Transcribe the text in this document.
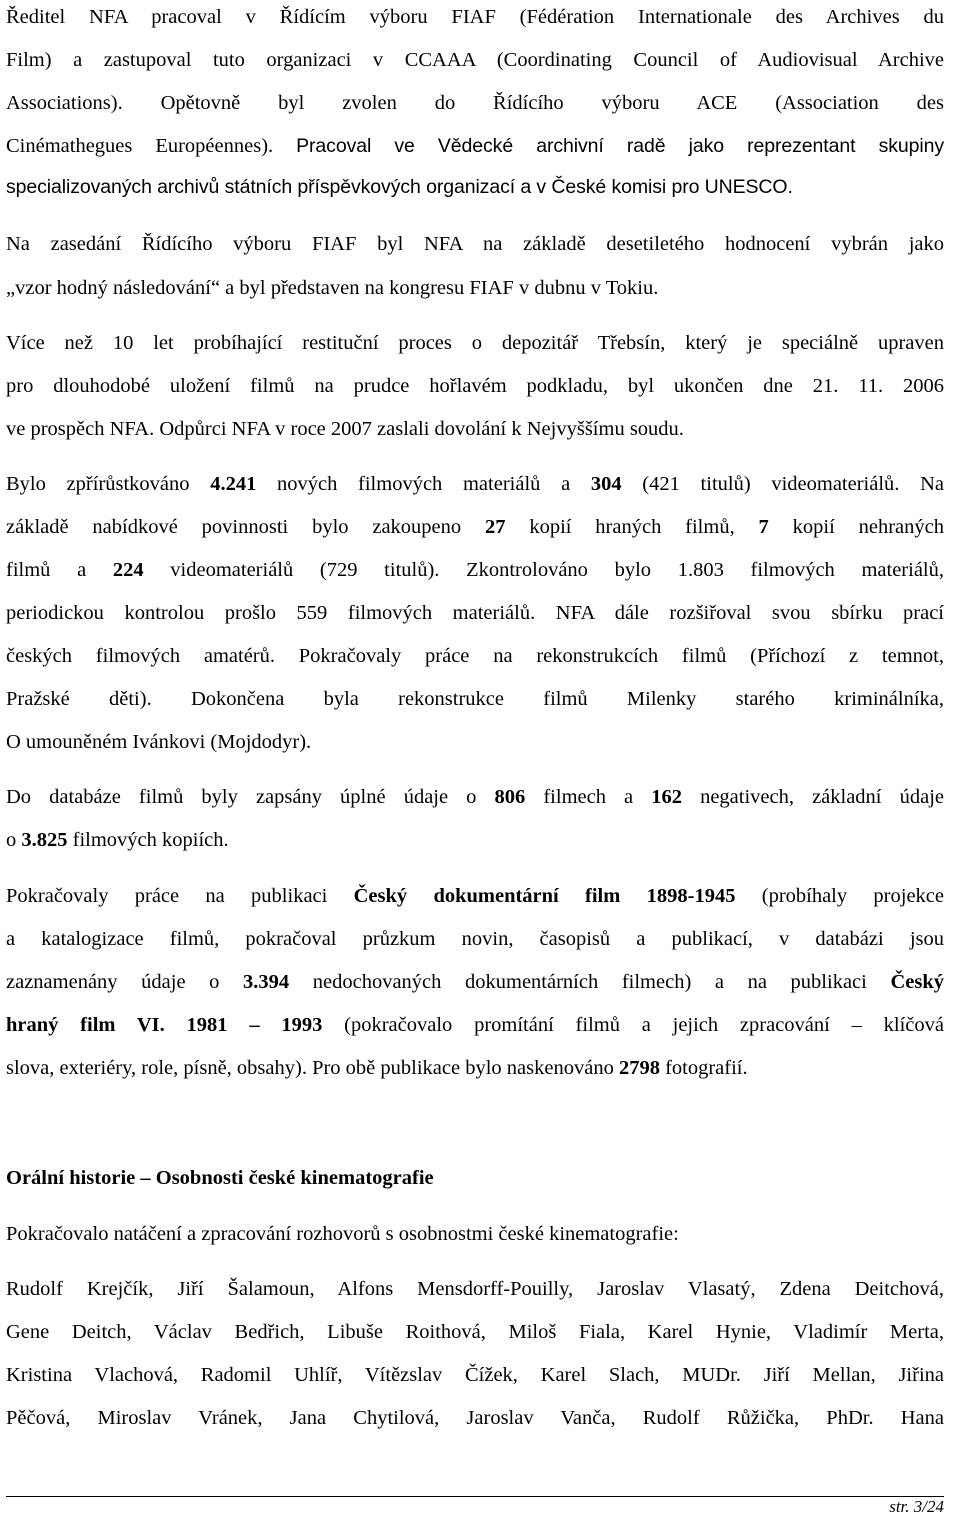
Ředitel NFA pracoval v Řídícím výboru FIAF (Fédération Internationale des Archives du
Film) a zastupoval tuto organizaci v CCAAA (Coordinating Council of Audiovisual Archive
Associations). Opětovně byl zvolen do Řídícího výboru ACE (Association des
Cinémathegues Européennes). Pracoval ve Vědecké archivní radě jako reprezentant skupiny
specializovaných archivů státních příspěvkových organizací a v České komisi pro UNESCO.
Na zasedání Řídícího výboru FIAF byl NFA na základě desetiletého hodnocení vybrán jako
„vzor hodný následování“ a byl představen na kongresu FIAF v dubnu v Tokiu.
Více než 10 let probíhající restituční proces o depozitář Třebsín, který je speciálně upraven
pro dlouhodobé uložení filmů na prudce hořlavém podkladu, byl ukončen dne 21. 11. 2006
ve prospěch NFA. Odpůrci NFA v roce 2007 zaslali dovolání k Nejvyššímu soudu.
Bylo zpřírůstkováno 4.241 nových filmových materiálů a 304 (421 titulů) videomateriálů. Na
základě nabídkové povinnosti bylo zakoupeno 27 kopií hraných filmů, 7 kopií nehraných
filmů a 224 videomateriálů (729 titulů). Zkontrolováno bylo 1.803 filmových materiálů,
periodickou kontrolou prošlo 559 filmových materiálů. NFA dále rozšiřoval svou sbírku prací
českých filmových amatérů. Pokračovaly práce na rekonstrukcích filmů (Příchozí z temnot,
Pražské děti). Dokončena byla rekonstrukce filmů Milenky starého kriminálníka,
O umouněném Ivánkovi (Mojdodyr).
Do databáze filmů byly zapsány úplné údaje o 806 filmech a 162 negativech, základní údaje
o 3.825 filmových kopiích.
Pokračovaly práce na publikaci Český dokumentární film 1898-1945 (probíhaly projekce
a katalogizace filmů, pokračoval průzkum novin, časopisů a publikací, v databázi jsou
zaznamenány údaje o 3.394 nedochovaných dokumentárních filmech) a na publikaci Český
hraný film VI. 1981 – 1993 (pokračovalo promítání filmů a jejich zpracování – klíčová
slova, exteriéry, role, písně, obsahy). Pro obě publikace bylo naskenováno 2798 fotografií.
Orální historie – Osobnosti české kinematografie
Pokračovalo natáčení a zpracování rozhovorů s osobnostmi české kinematografie:
Rudolf Krejčík, Jiří Šalamoun, Alfons Mensdorff-Pouilly, Jaroslav Vlasatý, Zdena Deitchová,
Gene Deitch, Václav Bedřich, Libuše Roithová, Miloš Fiala, Karel Hynie, Vladimír Merta,
Kristina Vlachová, Radomil Uhlíř, Vítězslav Čížek, Karel Slach, MUDr. Jiří Mellan, Jiřina
Pěčová, Miroslav Vránek, Jana Chytilová, Jaroslav Vanča, Rudolf Růžička, PhDr. Hana
str. 3/24
